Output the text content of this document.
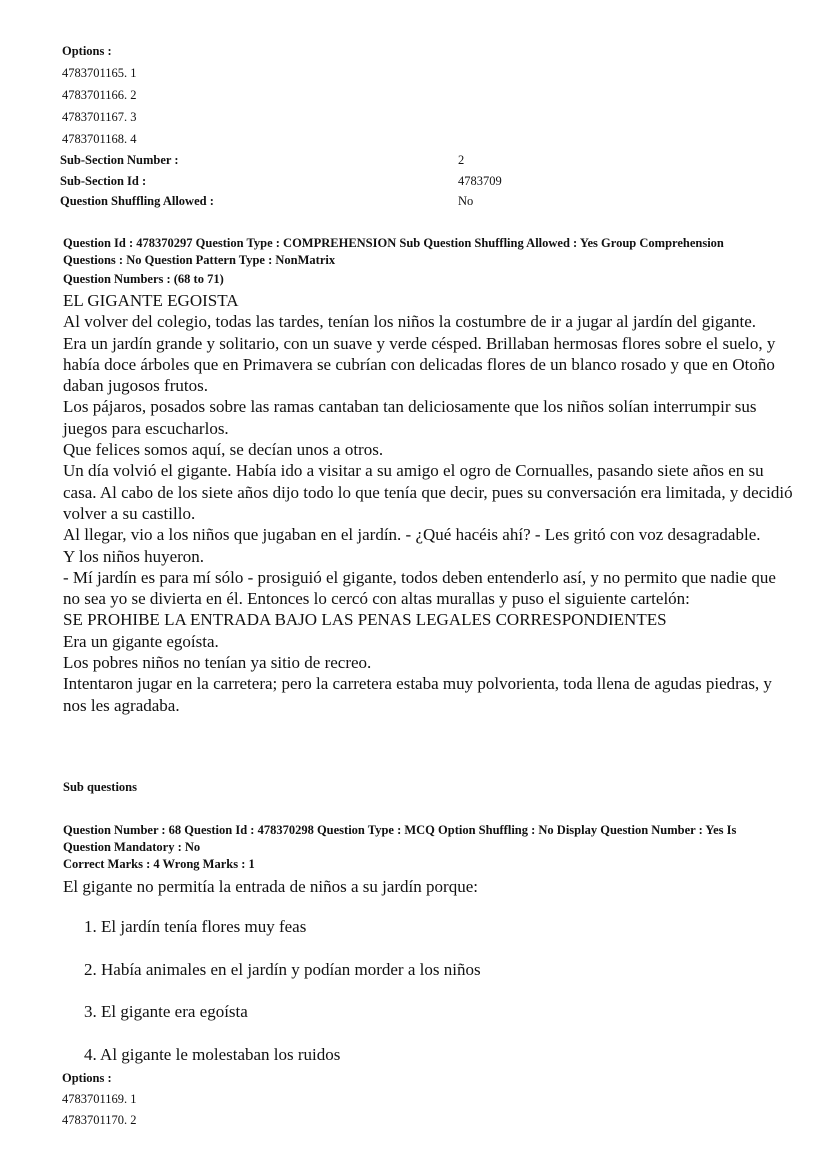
Options :
4783701165. 1
4783701166. 2
4783701167. 3
4783701168. 4
Sub-Section Number :	2
Sub-Section Id :	4783709
Question Shuffling Allowed :	No
Question Id : 478370297 Question Type : COMPREHENSION Sub Question Shuffling Allowed : Yes Group Comprehension Questions : No Question Pattern Type : NonMatrix
Question Numbers : (68 to 71)

EL GIGANTE EGOISTA

Al volver del colegio, todas las tardes, tenían los niños la costumbre de ir a jugar al jardín del gigante.

Era un jardín grande y solitario, con un suave y verde césped. Brillaban hermosas flores sobre el suelo, y había doce árboles que en Primavera se cubrían con delicadas flores de un blanco rosado y que en Otoño daban jugosos frutos.

Los pájaros, posados sobre las ramas cantaban tan deliciosamente que los niños solían interrumpir sus juegos para escucharlos.

Que felices somos aquí, se decían unos a otros.

Un día volvió el gigante. Había ido a visitar a su amigo el ogro de Cornualles, pasando siete años en su casa. Al cabo de los siete años dijo todo lo que tenía que decir, pues su conversación era limitada, y decidió volver a su castillo.

Al llegar, vio a los niños que jugaban en el jardín. - ¿Qué hacéis ahí? - Les gritó con voz desagradable.

Y los niños huyeron.

- Mí jardín es para mí sólo - prosiguió el gigante, todos deben entenderlo así, y no permito que nadie que no sea yo se divierta en él. Entonces lo cercó con altas murallas y puso el siguiente cartelón:

SE PROHIBE LA ENTRADA BAJO LAS PENAS LEGALES CORRESPONDIENTES

Era un gigante egoísta.

Los pobres niños no tenían ya sitio de recreo.

Intentaron jugar en la carretera; pero la carretera estaba muy polvorienta, toda llena de agudas piedras, y nos les agradaba.

Sub questions
Question Number : 68 Question Id : 478370298 Question Type : MCQ Option Shuffling : No Display Question Number : Yes Is Question Mandatory : No
Correct Marks : 4 Wrong Marks : 1
El gigante no permitía la entrada de niños a su jardín porque:
1. El jardín tenía flores muy feas
2. Había animales en el jardín y podían morder a los niños
3. El gigante era egoísta
4. Al gigante le molestaban los ruidos
Options :
4783701169. 1
4783701170. 2
